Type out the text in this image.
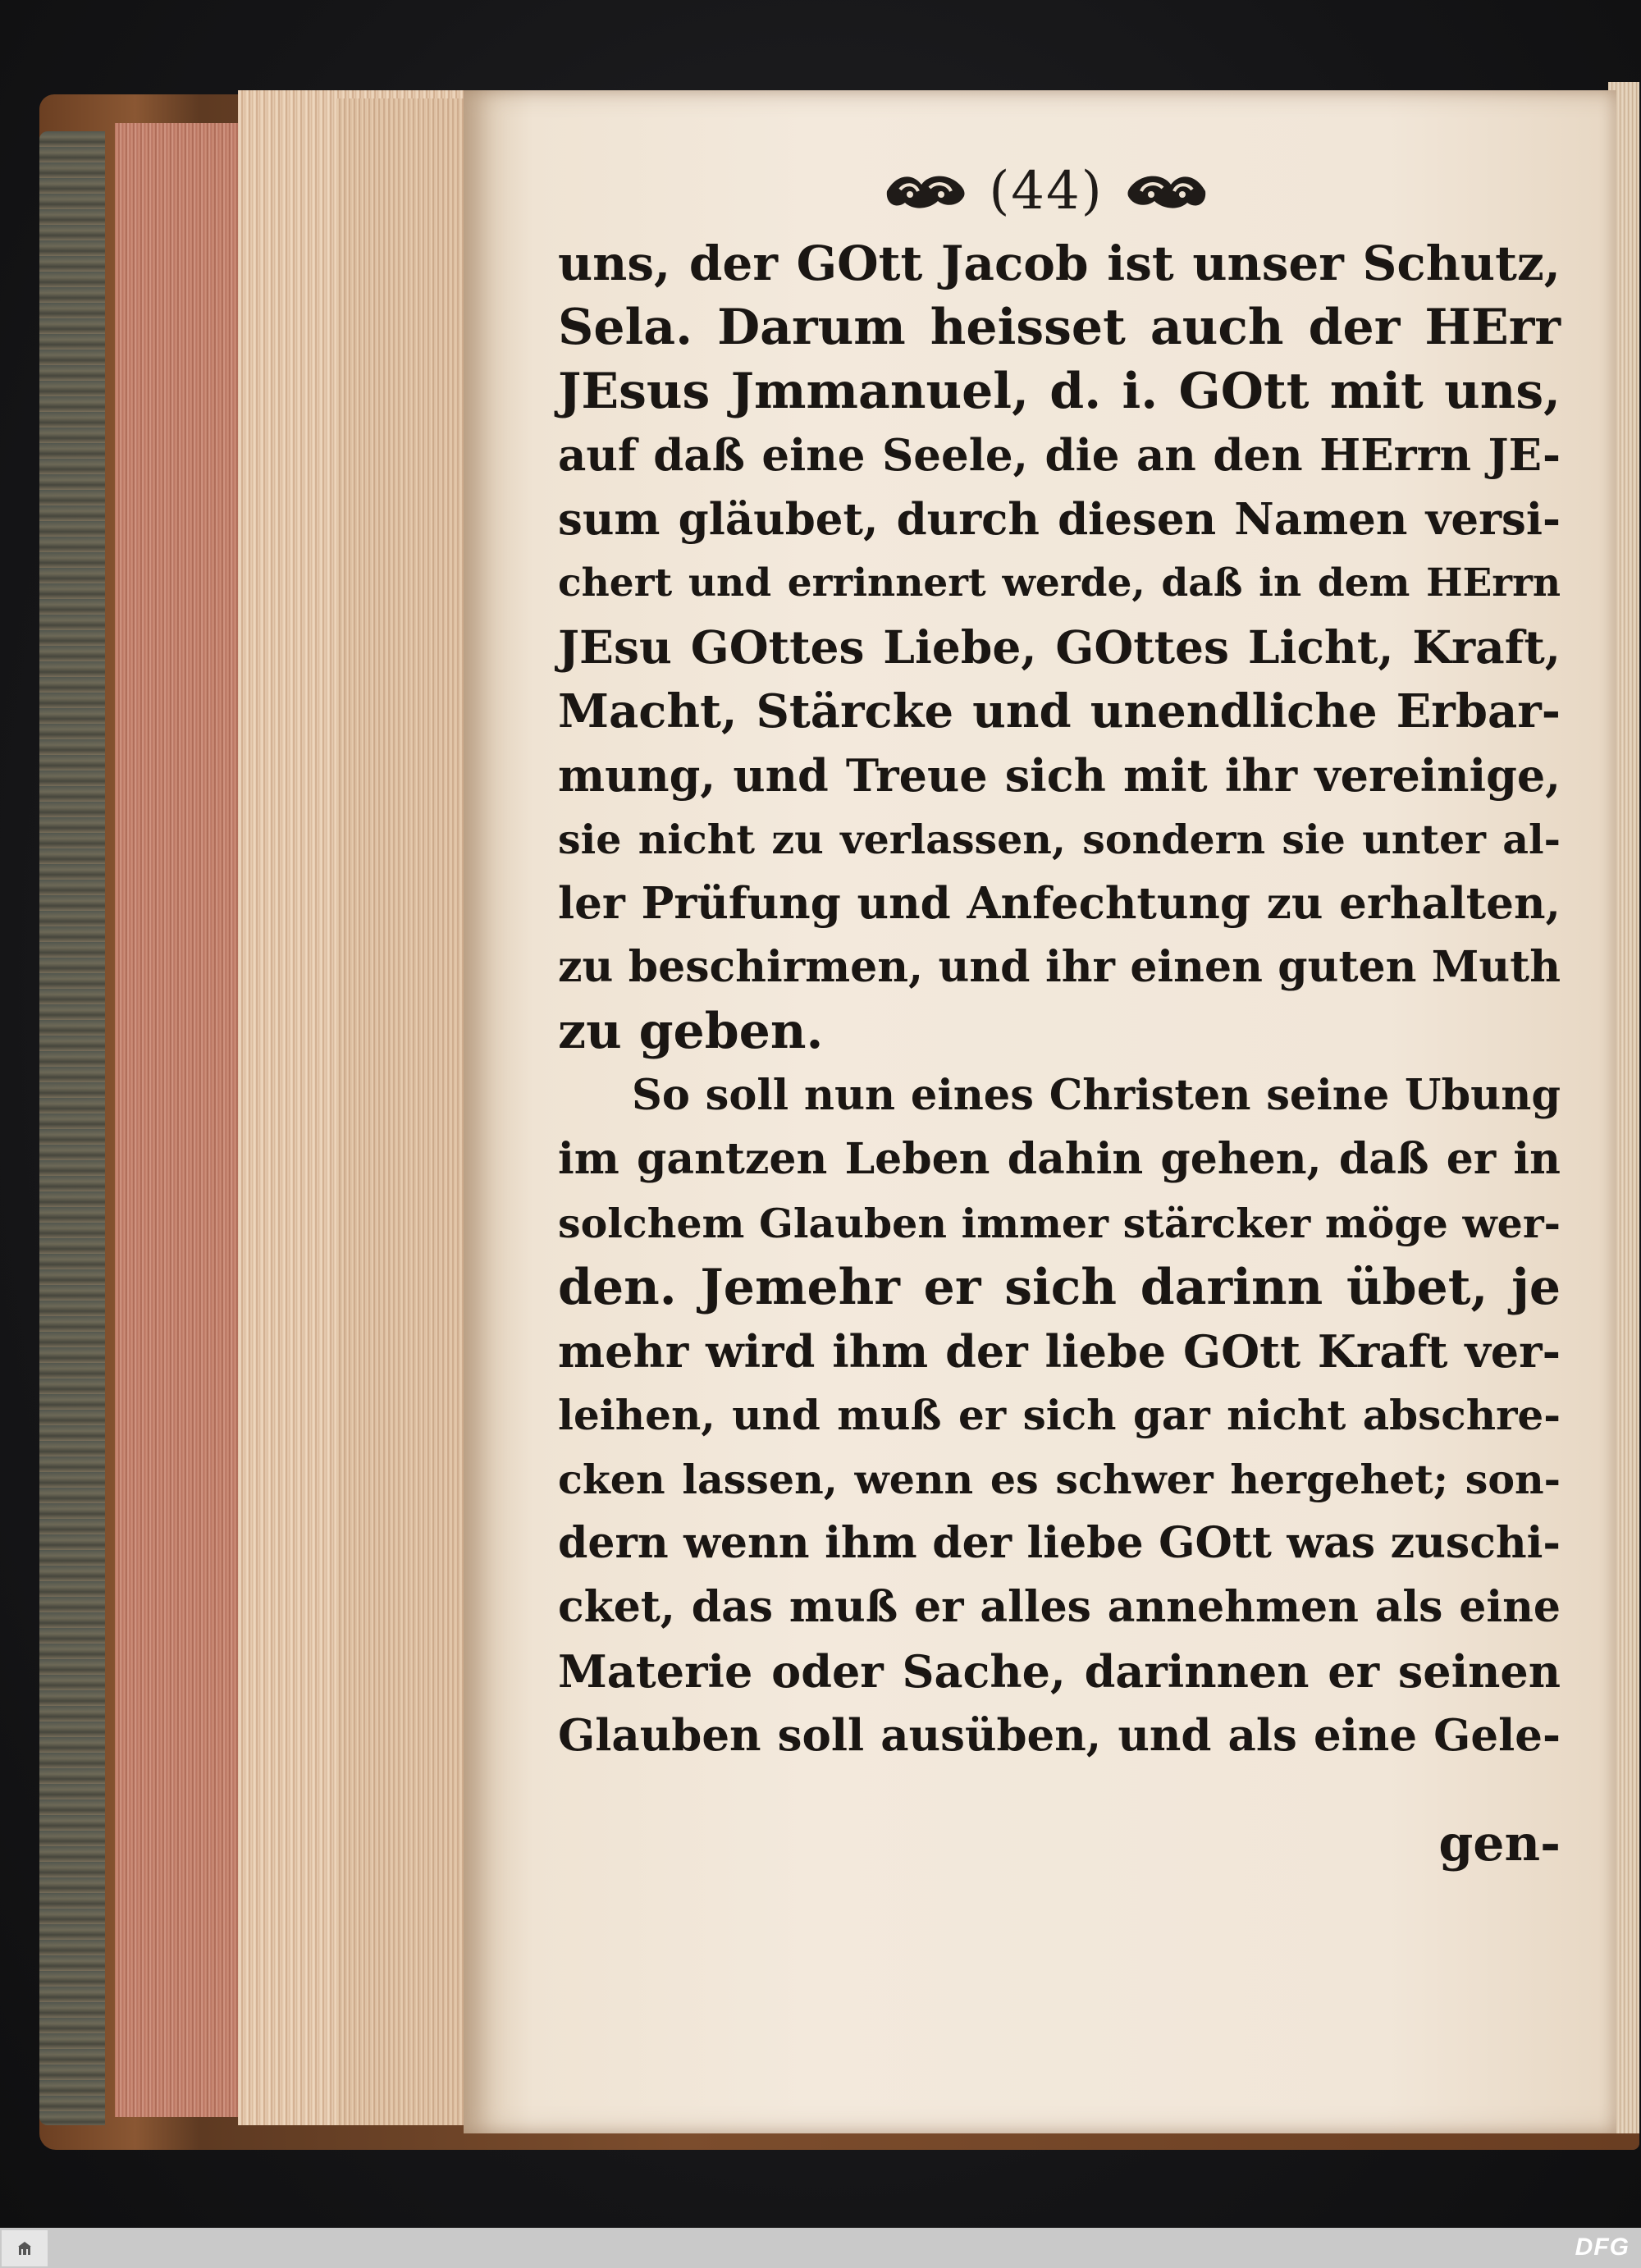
(44)
uns, der GOtt Jacob ist unser Schutz,
Sela. Darum heisset auch der HErr
JEsus Jmmanuel, d. i. GOtt mit uns,
auf daß eine Seele, die an den HErrn JE-
sum gläubet, durch diesen Namen versi-
chert und errinnert werde, daß in dem HErrn
JEsu GOttes Liebe, GOttes Licht, Kraft,
Macht, Stärcke und unendliche Erbar-
mung, und Treue sich mit ihr vereinige,
sie nicht zu verlassen, sondern sie unter al-
ler Prüfung und Anfechtung zu erhalten,
zu beschirmen, und ihr einen guten Muth
zu geben.
So soll nun eines Christen seine Ubung
im gantzen Leben dahin gehen, daß er in
solchem Glauben immer stärcker möge wer-
den. Jemehr er sich darinn übet, je
mehr wird ihm der liebe GOtt Kraft ver-
leihen, und muß er sich gar nicht abschre-
cken lassen, wenn es schwer hergehet; son-
dern wenn ihm der liebe GOtt was zuschi-
cket, das muß er alles annehmen als eine
Materie oder Sache, darinnen er seinen
Glauben soll ausüben, und als eine Gele-
gen-
DFG
